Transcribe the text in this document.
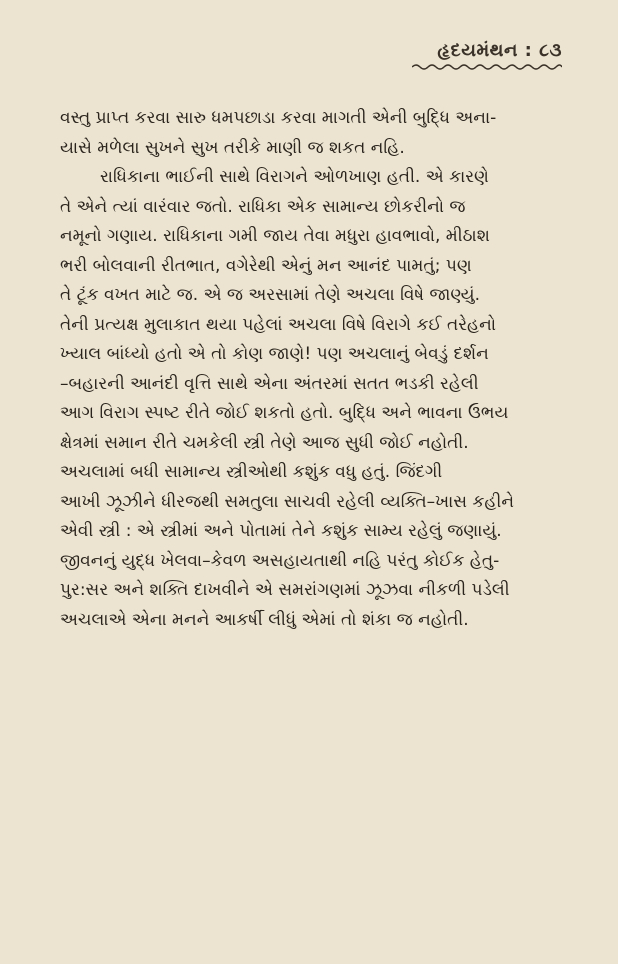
હૃદયમંથન : ૮૩
વસ્તુ પ્રાપ્ત કરવા સારુ ધમપછાડા કરવા માગતી એની બુદ્ધિ અના-
યાસે મળેલા સુખને સુખ તરીકે માણી જ શકત નહિ.
રાધિકાના ભાઈની સાથે વિરાગને ઓળખાણ હતી. એ કારણે
તે એને ત્યાં વારંવાર જતો. રાધિકા એક સામાન્ય છોકરીનો જ
નમૂનો ગણાય. રાધિકાના ગમી જાય તેવા મધુરા હાવભાવો, મીઠાશ
ભરી બોલવાની રીતભાત, વગેરેથી એનું મન આનંદ પામતું; પણ
તે ટૂંક વખત માટે જ. એ જ અરસામાં તેણે અચલા વિષે જાણ્યું.
તેની પ્રત્યક્ષ મુલાકાત થયા પહેલાં અચલા વિષે વિરાગે કઈ તરેહનો
ખ્યાલ બાંધ્યો હતો એ તો કોણ જાણે! પણ અચલાનું બેવડું દર્શન
–બહારની આનંદી વૃત્તિ સાથે એના અંતરમાં સતત ભડકી રહેલી
આગ વિરાગ સ્પષ્ટ રીતે જોઈ શકતો હતો. બુદ્ધિ અને ભાવના ઉભય
ક્ષેત્રમાં સમાન રીતે ચમકેલી સ્ત્રી તેણે આજ સુધી જોઈ નહોતી.
અચલામાં બધી સામાન્ય સ્ત્રીઓથી કશુંક વધુ હતું. જિંદગી
આખી ઝૂઝીને ધીરજથી સમતુલા સાચવી રહેલી વ્યક્તિ–ખાસ કહીને
એવી સ્ત્રી : એ સ્ત્રીમાં અને પોતામાં તેને કશુંક સામ્ય રહેલું જણાયું.
જીવનનું યુદ્ધ ખેલવા–કેવળ અસહાયતાથી નહિ પરંતુ કોઈક હેતુ-
પુર:સર અને શક્તિ દાખવીને એ સમરાંગણમાં ઝૂઝવા નીકળી પડેલી
અચલાએ એના મનને આકર્ષી લીધું એમાં તો શંકા જ નહોતી.
